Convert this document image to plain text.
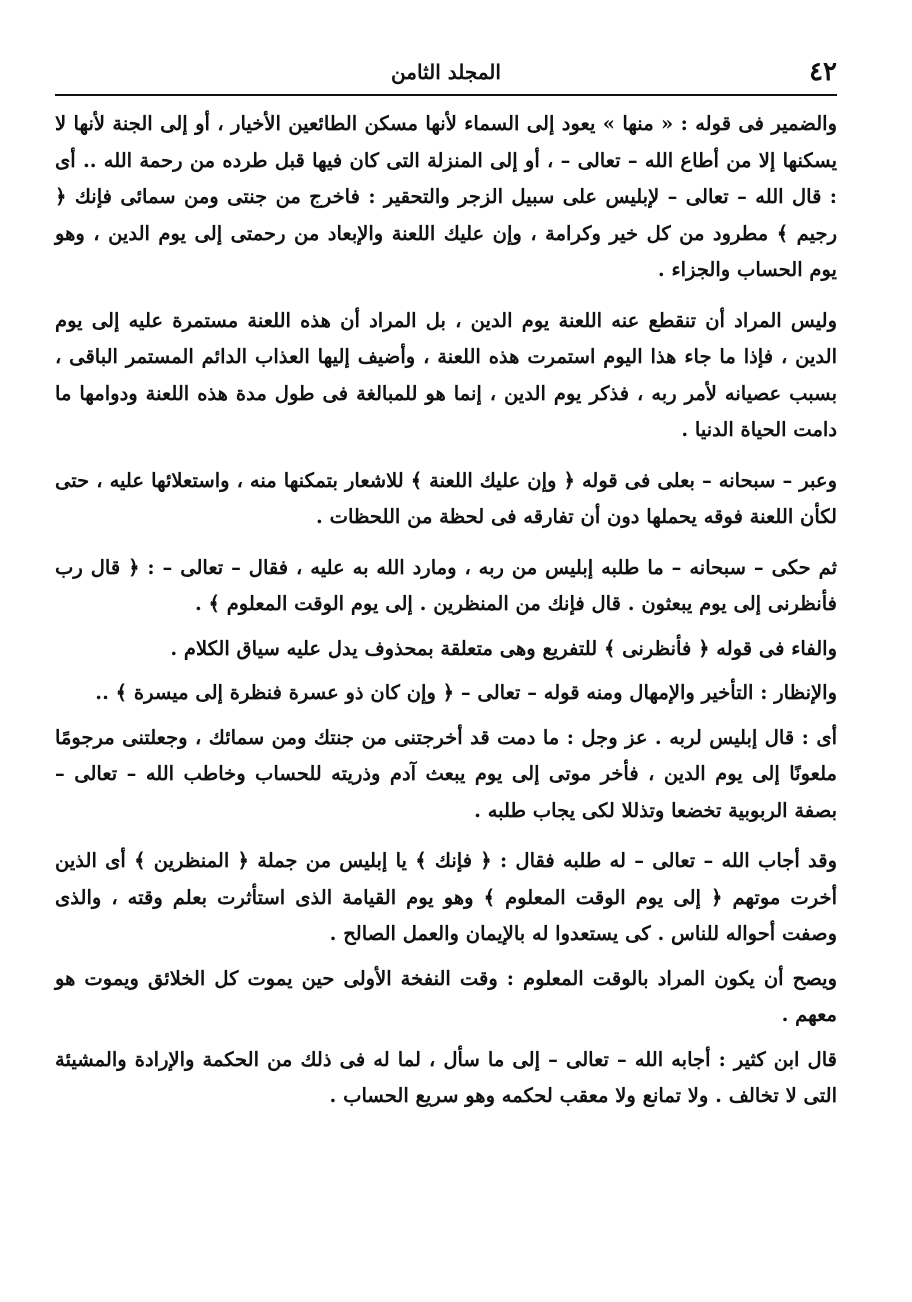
٤٢
المجلد الثامن

والضمير فى قوله : « منها » يعود إلى السماء لأنها مسكن الطائعين الأخيار ، أو إلى الجنة لأنها لا يسكنها إلا من أطاع الله – تعالى – ، أو إلى المنزلة التى كان فيها قبل طرده من رحمة الله .. أى : قال الله – تعالى – لإبليس على سبيل الزجر والتحقير : فاخرج من جنتى ومن سمائى فإنك ﴿ رجيم ﴾ مطرود من كل خير وكرامة ، وإن عليك اللعنة والإبعاد من رحمتى إلى يوم الدين ، وهو يوم الحساب والجزاء .

وليس المراد أن تنقطع عنه اللعنة يوم الدين ، بل المراد أن هذه اللعنة مستمرة عليه إلى يوم الدين ، فإذا ما جاء هذا اليوم استمرت هذه اللعنة ، وأضيف إليها العذاب الدائم المستمر الباقى ، بسبب عصيانه لأمر ربه ، فذكر يوم الدين ، إنما هو للمبالغة فى طول مدة هذه اللعنة ودوامها ما دامت الحياة الدنيا .

وعبر – سبحانه – بعلى فى قوله ﴿ وإن عليك اللعنة ﴾ للاشعار بتمكنها منه ، واستعلائها عليه ، حتى لكأن اللعنة فوقه يحملها دون أن تفارقه فى لحظة من اللحظات .

ثم حكى – سبحانه – ما طلبه إبليس من ربه ، ومارد الله به عليه ، فقال – تعالى – : ﴿ قال رب فأنظرنى إلى يوم يبعثون . قال فإنك من المنظرين . إلى يوم الوقت المعلوم ﴾ .

والفاء فى قوله ﴿ فأنظرنى ﴾ للتفريع وهى متعلقة بمحذوف يدل عليه سياق الكلام .

والإنظار : التأخير والإمهال ومنه قوله – تعالى – ﴿ وإن كان ذو عسرة فنظرة إلى ميسرة ﴾ ..

أى : قال إبليس لربه . عز وجل : ما دمت قد أخرجتنى من جنتك ومن سمائك ، وجعلتنى مرجومًا ملعونًا إلى يوم الدين ، فأخر موتى إلى يوم يبعث آدم وذريته للحساب وخاطب الله – تعالى – بصفة الربوبية تخضعا وتذللا لكى يجاب طلبه .

وقد أجاب الله – تعالى – له طلبه فقال : ﴿ فإنك ﴾ يا إبليس من جملة ﴿ المنظرين ﴾ أى الذين أخرت موتهم ﴿ إلى يوم الوقت المعلوم ﴾ وهو يوم القيامة الذى استأثرت بعلم وقته ، والذى وصفت أحواله للناس . كى يستعدوا له بالإيمان والعمل الصالح .

ويصح أن يكون المراد بالوقت المعلوم : وقت النفخة الأولى حين يموت كل الخلائق ويموت هو معهم .

قال ابن كثير : أجابه الله – تعالى – إلى ما سأل ، لما له فى ذلك من الحكمة والإرادة والمشيئة التى لا تخالف . ولا تمانع ولا معقب لحكمه وهو سريع الحساب .
